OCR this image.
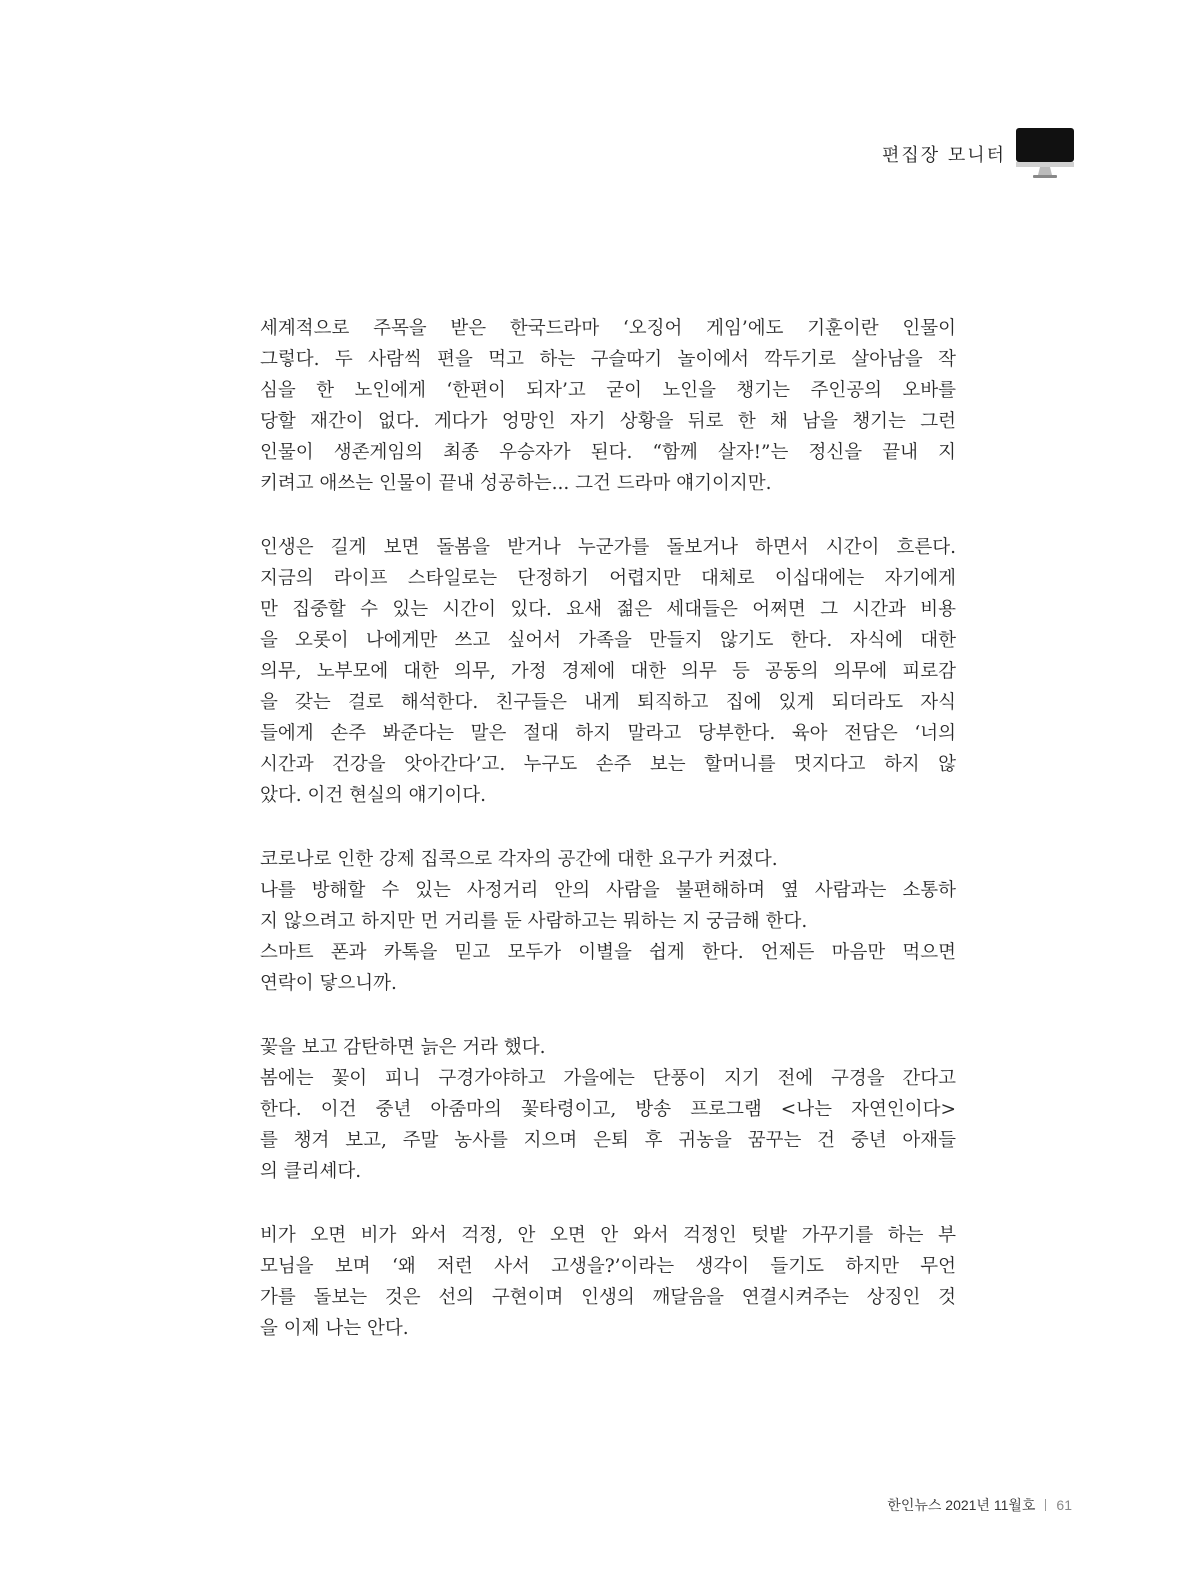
편집장 모니터

세계적으로 주목을 받은 한국드라마 ‘오징어 게임’에도 기훈이란 인물이
그렇다. 두 사람씩 편을 먹고 하는 구슬따기 놀이에서 깍두기로 살아남을 작
심을 한 노인에게 ‘한편이 되자’고 굳이 노인을 챙기는 주인공의 오바를
당할 재간이 없다. 게다가 엉망인 자기 상황을 뒤로 한 채 남을 챙기는 그런
인물이 생존게임의 최종 우승자가 된다. “함께 살자!”는 정신을 끝내 지
키려고 애쓰는 인물이 끝내 성공하는... 그건 드라마 얘기이지만.

인생은 길게 보면 돌봄을 받거나 누군가를 돌보거나 하면서 시간이 흐른다.
지금의 라이프 스타일로는 단정하기 어렵지만 대체로 이십대에는 자기에게
만 집중할 수 있는 시간이 있다. 요새 젊은 세대들은 어쩌면 그 시간과 비용
을 오롯이 나에게만 쓰고 싶어서 가족을 만들지 않기도 한다. 자식에 대한
의무, 노부모에 대한 의무, 가정 경제에 대한 의무 등 공동의 의무에 피로감
을 갖는 걸로 해석한다. 친구들은 내게 퇴직하고 집에 있게 되더라도 자식
들에게 손주 봐준다는 말은 절대 하지 말라고 당부한다. 육아 전담은 ‘너의
시간과 건강을 앗아간다’고. 누구도 손주 보는 할머니를 멋지다고 하지 않
았다. 이건 현실의 얘기이다.

코로나로 인한 강제 집콕으로 각자의 공간에 대한 요구가 커졌다.
나를 방해할 수 있는 사정거리 안의 사람을 불편해하며 옆 사람과는 소통하
지 않으려고 하지만 먼 거리를 둔 사람하고는 뭐하는 지 궁금해 한다.
스마트 폰과 카톡을 믿고 모두가 이별을 쉽게 한다. 언제든 마음만 먹으면
연락이 닿으니까.

꽃을 보고 감탄하면 늙은 거라 했다.
봄에는 꽃이 피니 구경가야하고 가을에는 단풍이 지기 전에 구경을 간다고
한다. 이건 중년 아줌마의 꽃타령이고, 방송 프로그램 <나는 자연인이다>
를 챙겨 보고, 주말 농사를 지으며 은퇴 후 귀농을 꿈꾸는 건 중년 아재들
의 클리셰다.

비가 오면 비가 와서 걱정, 안 오면 안 와서 걱정인 텃밭 가꾸기를 하는 부
모님을 보며 ‘왜 저런 사서 고생을?’이라는 생각이 들기도 하지만 무언
가를 돌보는 것은 선의 구현이며 인생의 깨달음을 연결시켜주는 상징인 것
을 이제 나는 안다.

한인뉴스 2021년 11월호 61
